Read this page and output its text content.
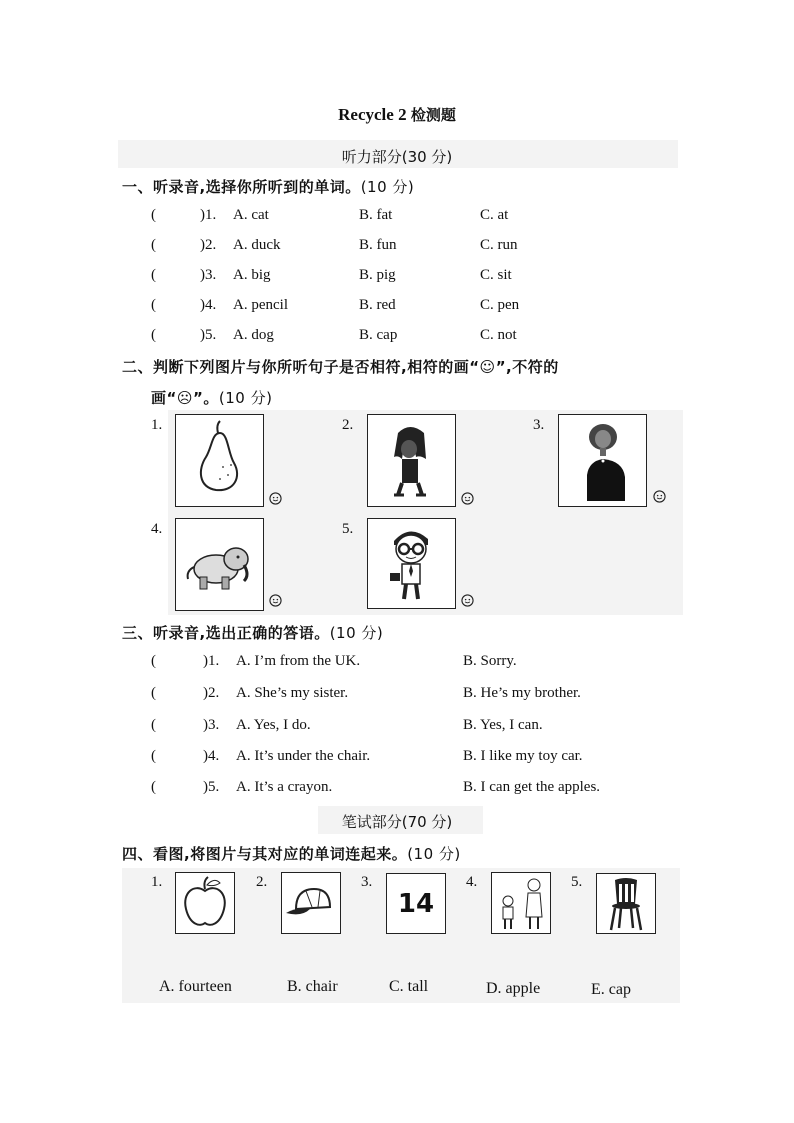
Recycle 2 检测题
听力部分(30 分)
一、听录音,选择你所听到的单词。(10 分)
(	)1. A. cat	B. fat	C. at
(	)2. A. duck	B. fun	C. run
(	)3. A. big	B. pig	C. sit
(	)4. A. pencil	B. red	C. pen
(	)5. A. dog	B. cap	C. not
二、判断下列图片与你所听句子是否相符,相符的画“☺”,不符的
画“☹”。(10 分)
1.	2.	3.
4.	5.
三、听录音,选出正确的答语。(10 分)
(	)1. A. I’m from the UK.	B. Sorry.
(	)2. A. She’s my sister.	B. He’s my brother.
(	)3. A. Yes, I do.	B. Yes, I can.
(	)4. A. It’s under the chair.	B. I like my toy car.
(	)5. A. It’s a crayon.	B. I can get the apples.
笔试部分(70 分)
四、看图,将图片与其对应的单词连起来。(10 分)
1.	2.	3.
14
4.	5.
A. fourteen	B. chair	C. tall	D. apple	E. cap
